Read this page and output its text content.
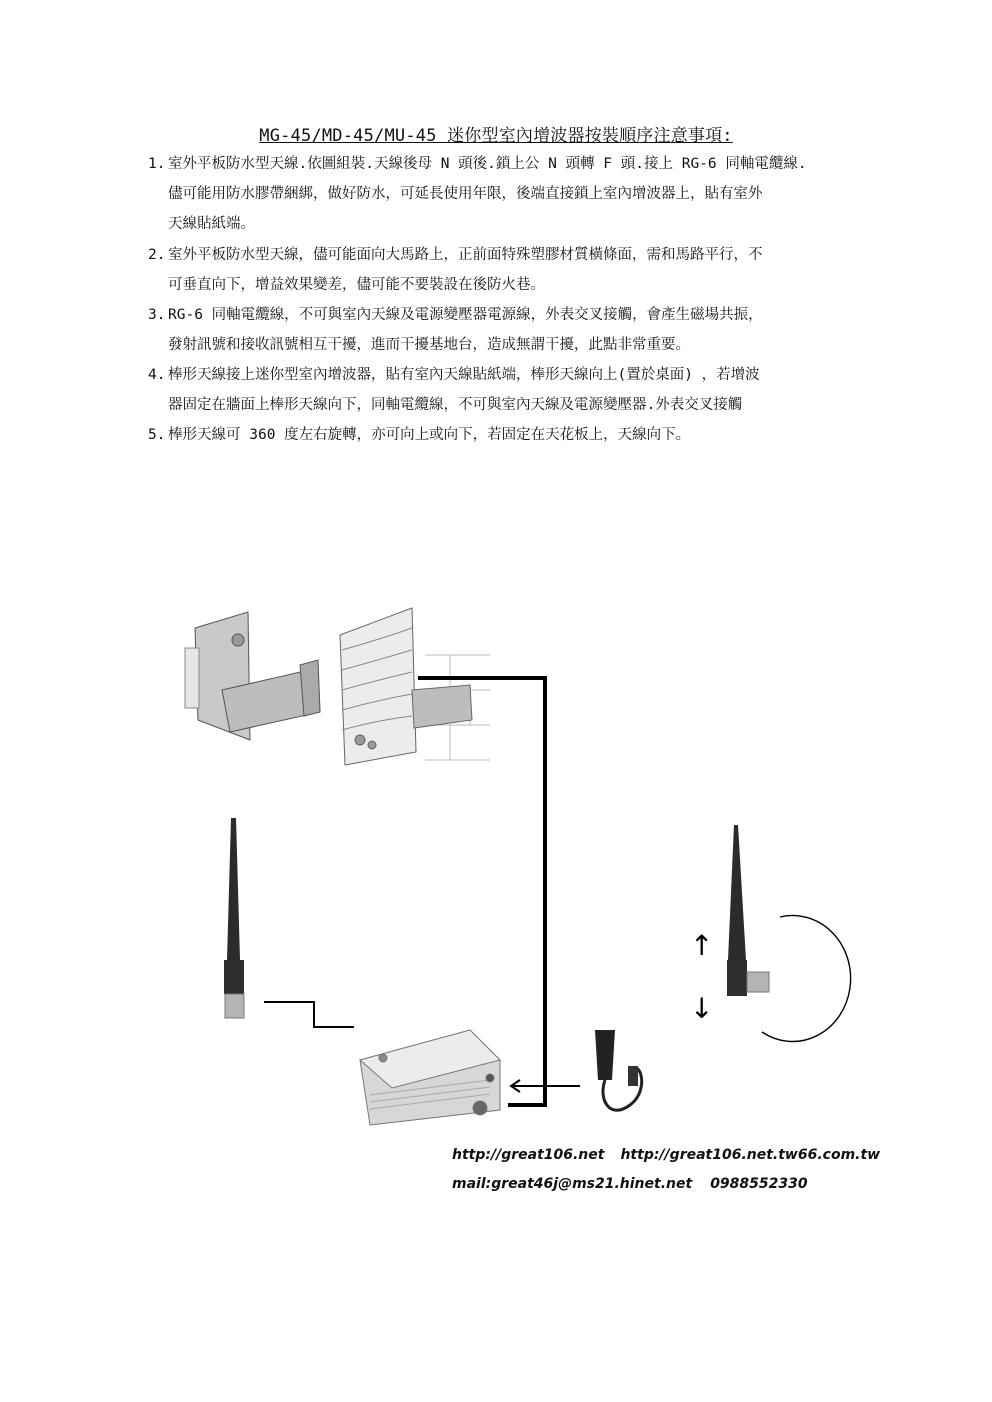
MG-45/MD-45/MU-45 迷你型室內增波器按裝順序注意事項:
1. 室外平板防水型天線.依圖組裝.天線後母 N 頭後.鎖上公 N 頭轉 F 頭.接上 RG-6 同軸電纜線.
儘可能用防水膠帶綑綁，做好防水，可延長使用年限，後端直接鎖上室內增波器上，貼有室外
天線貼紙端。
2. 室外平板防水型天線，儘可能面向大馬路上，正前面特殊塑膠材質橫條面，需和馬路平行，不
可垂直向下，增益效果變差，儘可能不要裝設在後防火巷。
3. RG-6 同軸電纜線，不可與室內天線及電源變壓器電源線，外表交叉接觸，會產生磁場共振，
發射訊號和接收訊號相互干擾，進而干擾基地台，造成無謂干擾，此點非常重要。
4. 棒形天線接上迷你型室內增波器，貼有室內天線貼紙端，棒形天線向上(置於桌面) ，若增波
器固定在牆面上棒形天線向下，同軸電纜線，不可與室內天線及電源變壓器.外表交叉接觸
5. 棒形天線可 360 度左右旋轉，亦可向上或向下，若固定在天花板上，天線向下。
↑
↓
http://great106.net http://great106.net.tw66.com.tw
mail:great46j@ms21.hinet.net 0988552330
